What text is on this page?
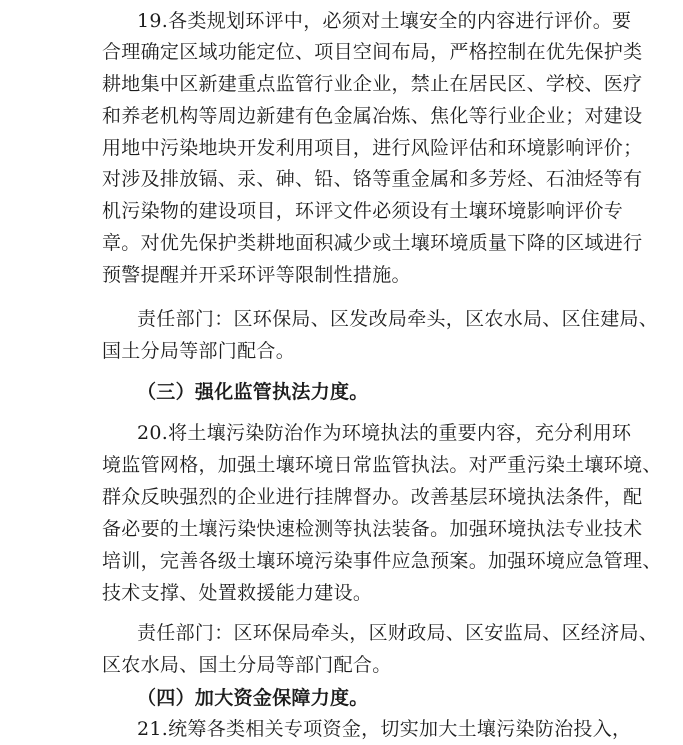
19.各类规划环评中，必须对土壤安全的内容进行评价。要
合理确定区域功能定位、项目空间布局，严格控制在优先保护类
耕地集中区新建重点监管行业企业，禁止在居民区、学校、医疗
和养老机构等周边新建有色金属冶炼、焦化等行业企业；对建设
用地中污染地块开发利用项目，进行风险评估和环境影响评价；
对涉及排放镉、汞、砷、铅、铬等重金属和多芳烃、石油烃等有
机污染物的建设项目，环评文件必须设有土壤环境影响评价专
章。对优先保护类耕地面积减少或土壤环境质量下降的区域进行
预警提醒并开采环评等限制性措施。
责任部门：区环保局、区发改局牵头，区农水局、区住建局、
国土分局等部门配合。
（三）强化监管执法力度。
20.将土壤污染防治作为环境执法的重要内容，充分利用环
境监管网格，加强土壤环境日常监管执法。对严重污染土壤环境、
群众反映强烈的企业进行挂牌督办。改善基层环境执法条件，配
备必要的土壤污染快速检测等执法装备。加强环境执法专业技术
培训，完善各级土壤环境污染事件应急预案。加强环境应急管理、
技术支撑、处置救援能力建设。
责任部门：区环保局牵头，区财政局、区安监局、区经济局、
区农水局、国土分局等部门配合。
（四）加大资金保障力度。
21.统筹各类相关专项资金，切实加大土壤污染防治投入，
